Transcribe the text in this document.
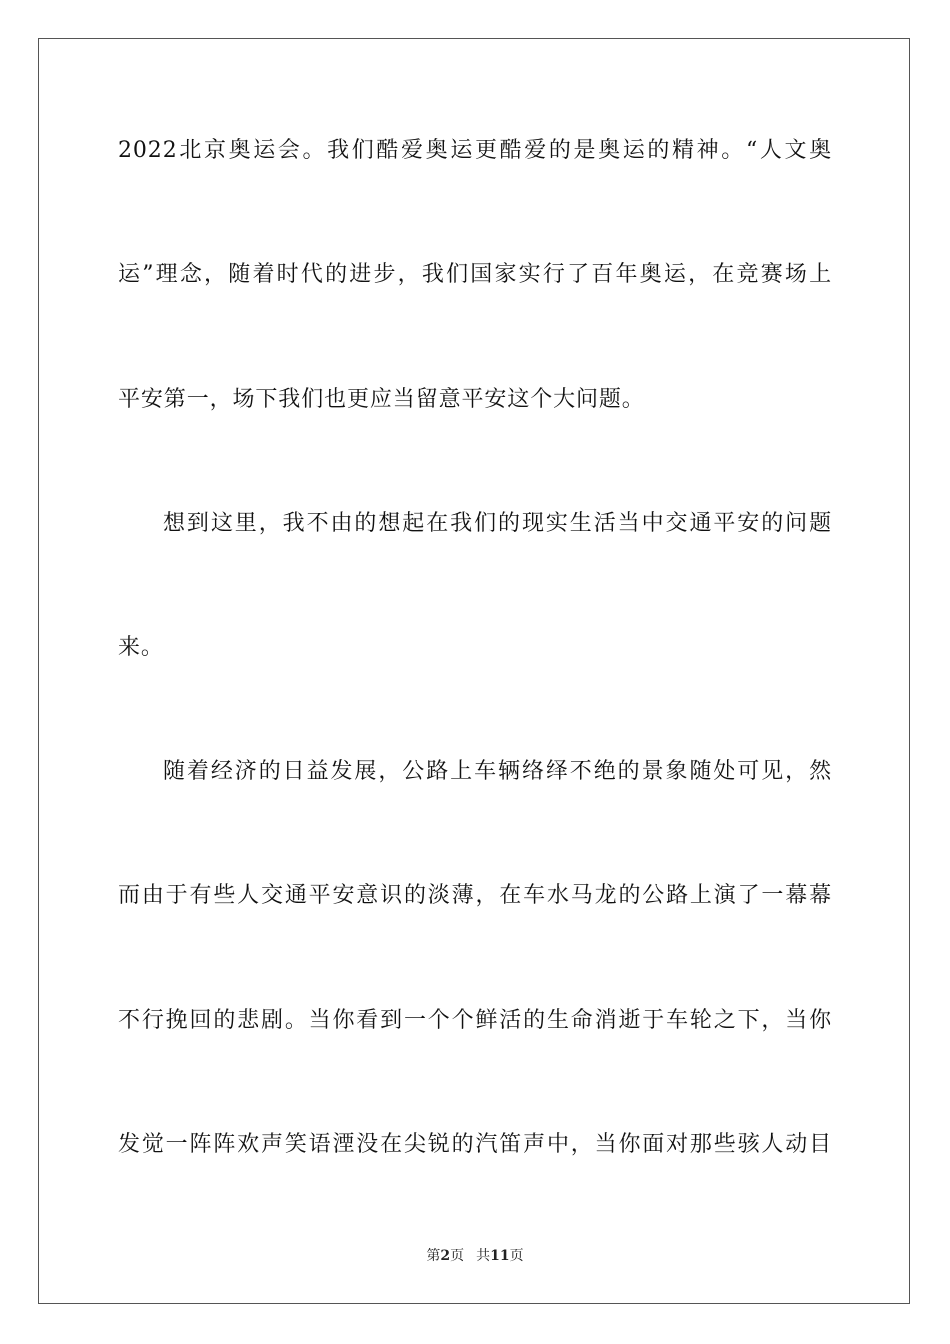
2022北京奥运会。我们酷爱奥运更酷爱的是奥运的精神。“人文奥
运”理念，随着时代的进步，我们国家实行了百年奥运，在竞赛场上
平安第一，场下我们也更应当留意平安这个大问题。
想到这里，我不由的想起在我们的现实生活当中交通平安的问题
来。
随着经济的日益发展，公路上车辆络绎不绝的景象随处可见，然
而由于有些人交通平安意识的淡薄，在车水马龙的公路上演了一幕幕
不行挽回的悲剧。当你看到一个个鲜活的生命消逝于车轮之下，当你
发觉一阵阵欢声笑语湮没在尖锐的汽笛声中，当你面对那些骇人动目
第2页 共11页
